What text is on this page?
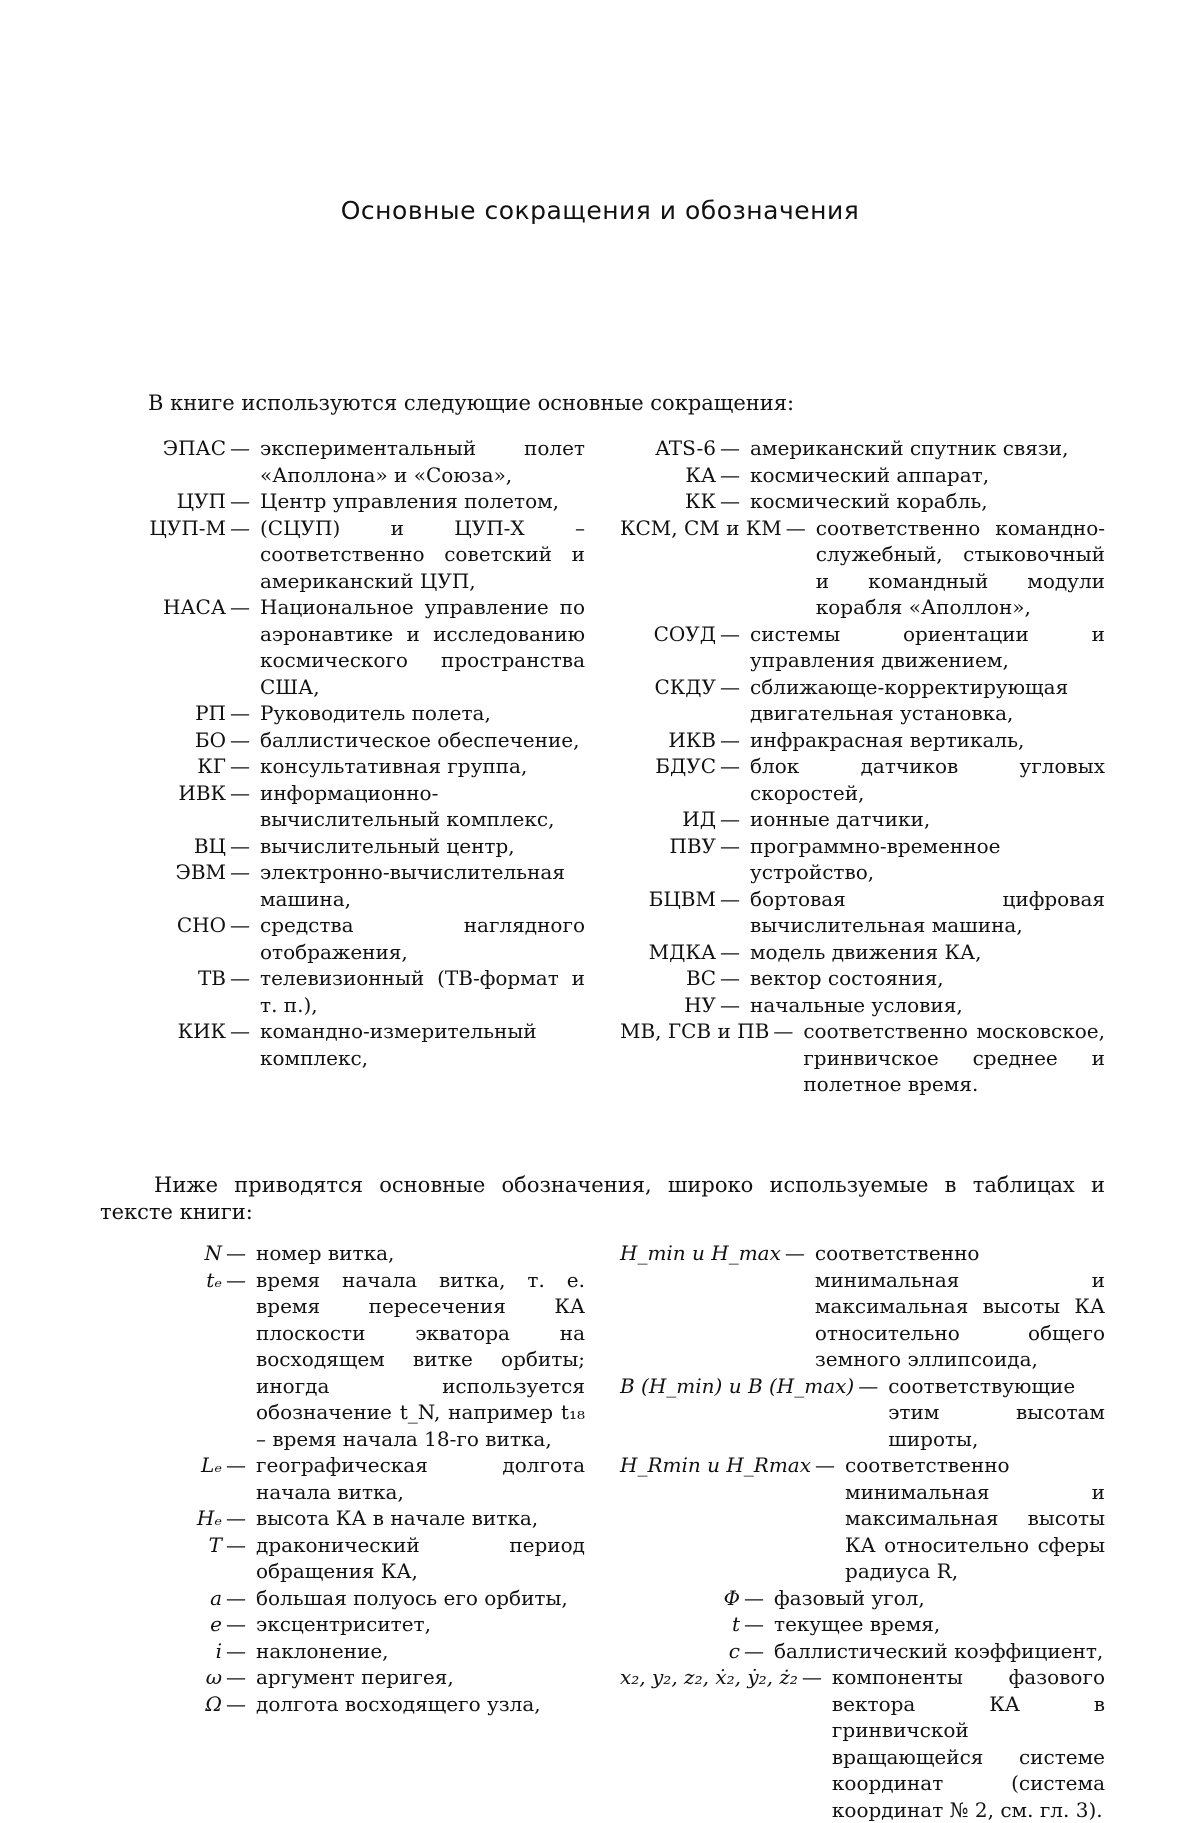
Основные сокращения и обозначения

В книге используются следующие основные сокращения:

ЭПАС — экспериментальный полет «Аполлона» и «Союза»,
ЦУП — Центр управления полетом,
ЦУП-М — (СЦУП) и ЦУП-Х – соответственно советский и американский ЦУП,
НАСА — Национальное управление по аэронавтике и исследованию космического пространства США,
РП — Руководитель полета,
БО — баллистическое обеспечение,
КГ — консультативная группа,
ИВК — информационно-вычислительный комплекс,
ВЦ — вычислительный центр,
ЭВМ — электронно-вычислительная машина,
СНО — средства наглядного отображения,
ТВ — телевизионный (ТВ-формат и т. п.),
КИК — командно-измерительный комплекс,
ATS-6 — американский спутник связи,
КА — космический аппарат,
КК — космический корабль,
КСМ, СМ и КМ — соответственно командно-служебный, стыковочный и командный модули корабля «Аполлон»,
СОУД — системы ориентации и управления движением,
СКДУ — сближающе-корректирующая двигательная установка,
ИКВ — инфракрасная вертикаль,
БДУС — блок датчиков угловых скоростей,
ИД — ионные датчики,
ПВУ — программно-временное устройство,
БЦВМ — бортовая цифровая вычислительная машина,
МДКА — модель движения КА,
ВС — вектор состояния,
НУ — начальные условия,
МВ, ГСВ и ПВ — соответственно московское, гринвичское среднее и полетное время.

Ниже приводятся основные обозначения, широко используемые в таблицах и тексте книги:

N — номер витка,
tₑ — время начала витка, т. е. время пересечения КА плоскости экватора на восходящем витке орбиты; иногда используется обозначение t_N, например t₁₈ – время начала 18-го витка,
Lₑ — географическая долгота начала витка,
Hₑ — высота КА в начале витка,
T — драконический период обращения КА,
a — большая полуось его орбиты,
e — эксцентриситет,
i — наклонение,
ω — аргумент перигея,
Ω — долгота восходящего узла,
H_min и H_max — соответственно минимальная и максимальная высоты КА относительно общего земного эллипсоида,
B (H_min) и B (H_max) — соответствующие этим высотам широты,
H_Rmin и H_Rmax — соответственно минимальная и максимальная высоты КА относительно сферы радиуса R,
Φ — фазовый угол,
t — текущее время,
c — баллистический коэффициент,
x₂, y₂, z₂, ẋ₂, ẏ₂, ż₂ — компоненты фазового вектора КА в гринвичской вращающейся системе координат (система координат № 2, см. гл. 3).
